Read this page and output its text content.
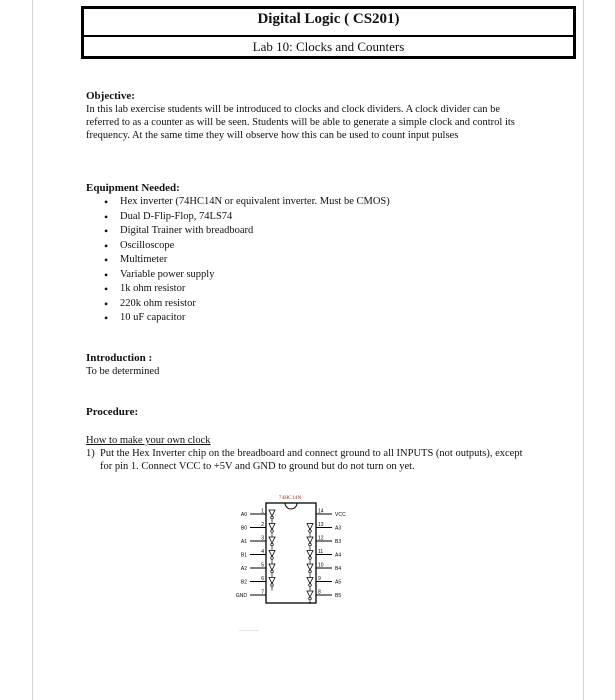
Digital Logic ( CS201)
Lab 10: Clocks and Counters
Objective:
In this lab exercise students will be introduced to clocks and clock dividers. A clock divider can be referred to as a counter as will be seen. Students will be able to generate a simple clock and control its frequency. At the same time they will observe how this can be used to count input pulses
Equipment Needed:
• Hex inverter (74HC14N or equivalent inverter. Must be CMOS)
• Dual D-Flip-Flop, 74LS74
• Digital Trainer with breadboard
• Oscilloscope
• Multimeter
• Variable power supply
• 1k ohm resistor
• 220k ohm resistor
• 10 uF capacitor
Introduction :
To be determined
Procedure:
How to make your own clock
1) Put the Hex Inverter chip on the breadboard and connect ground to all INPUTS (not outputs), except for pin 1. Connect VCC to +5V and GND to ground but do not turn on yet.
74HC14N
1
A0
2
B0
3
A1
4
B1
5
A2
6
B2
7
GND
14
VCC
13
A3
12
B3
11
A4
10
B4
9
A5
8
B5
